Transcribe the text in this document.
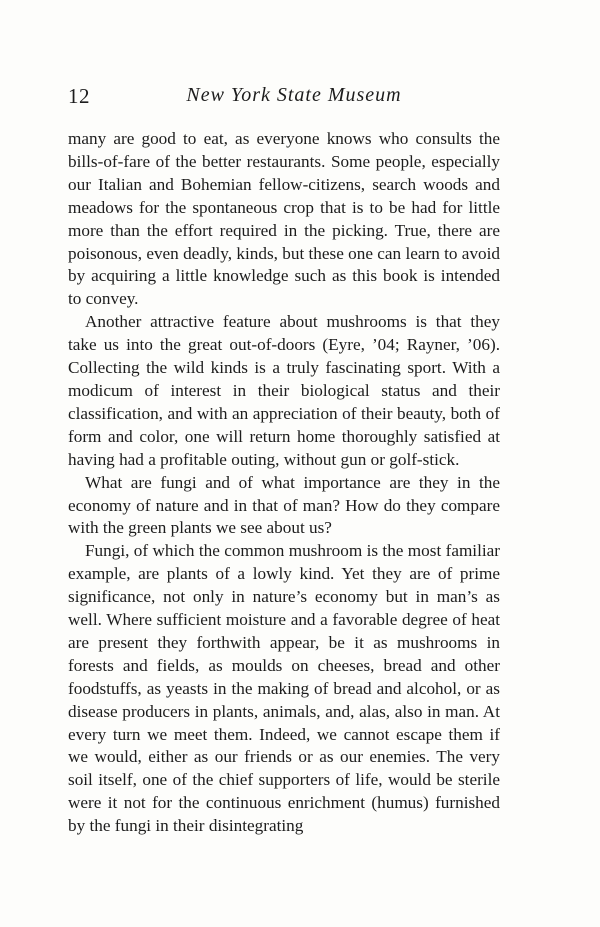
12	New York State Museum

many are good to eat, as everyone knows who consults the bills-of-fare of the better restaurants. Some people, especially our Italian and Bohemian fellow-citizens, search woods and meadows for the spontaneous crop that is to be had for little more than the effort required in the picking. True, there are poisonous, even deadly, kinds, but these one can learn to avoid by acquiring a little knowledge such as this book is intended to convey.

Another attractive feature about mushrooms is that they take us into the great out-of-doors (Eyre, ’04; Rayner, ’06). Collecting the wild kinds is a truly fascinating sport. With a modicum of interest in their biological status and their classification, and with an appreciation of their beauty, both of form and color, one will return home thoroughly satisfied at having had a profitable outing, without gun or golf-stick.

What are fungi and of what importance are they in the economy of nature and in that of man? How do they compare with the green plants we see about us?

Fungi, of which the common mushroom is the most familiar example, are plants of a lowly kind. Yet they are of prime significance, not only in nature’s economy but in man’s as well. Where sufficient moisture and a favorable degree of heat are present they forthwith appear, be it as mushrooms in forests and fields, as moulds on cheeses, bread and other foodstuffs, as yeasts in the making of bread and alcohol, or as disease producers in plants, animals, and, alas, also in man. At every turn we meet them. Indeed, we cannot escape them if we would, either as our friends or as our enemies. The very soil itself, one of the chief supporters of life, would be sterile were it not for the continuous enrichment (humus) furnished by the fungi in their disintegrating
